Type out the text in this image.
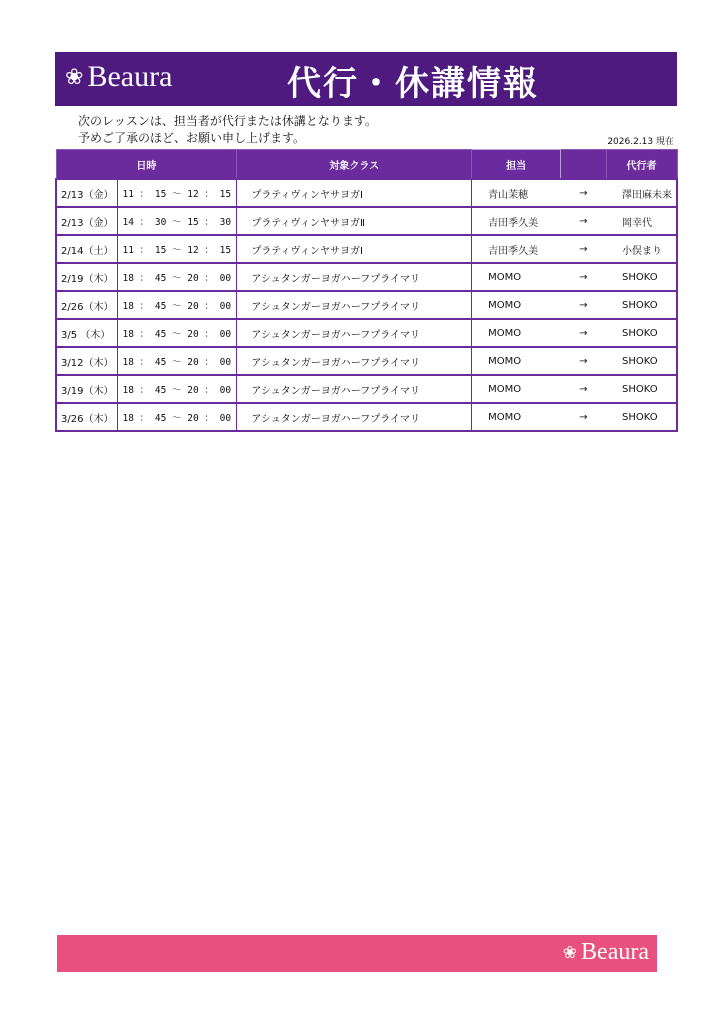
❀ Beaura	代行・休講情報
次のレッスンは、担当者が代行または休講となります。
予めご了承のほど、お願い申し上げます。	2026.2.13 現在
日時		対象クラス	担当		代行者
2/13（金）	11 ： 15 ～ 12 ： 15	プラティヴィンヤサヨガⅠ	青山茉穂	→	澤田麻未来
2/13（金）	14 ： 30 ～ 15 ： 30	プラティヴィンヤサヨガⅡ	吉田季久美	→	岡幸代
2/14（土）	11 ： 15 ～ 12 ： 15	プラティヴィンヤサヨガⅠ	吉田季久美	→	小俣まり
2/19（木）	18 ： 45 ～ 20 ： 00	アシュタンガーヨガハーフプライマリ	MOMO	→	SHOKO
2/26（木）	18 ： 45 ～ 20 ： 00	アシュタンガーヨガハーフプライマリ	MOMO	→	SHOKO
3/5 （木）	18 ： 45 ～ 20 ： 00	アシュタンガーヨガハーフプライマリ	MOMO	→	SHOKO
3/12（木）	18 ： 45 ～ 20 ： 00	アシュタンガーヨガハーフプライマリ	MOMO	→	SHOKO
3/19（木）	18 ： 45 ～ 20 ： 00	アシュタンガーヨガハーフプライマリ	MOMO	→	SHOKO
3/26（木）	18 ： 45 ～ 20 ： 00	アシュタンガーヨガハーフプライマリ	MOMO	→	SHOKO
❀ Beaura
